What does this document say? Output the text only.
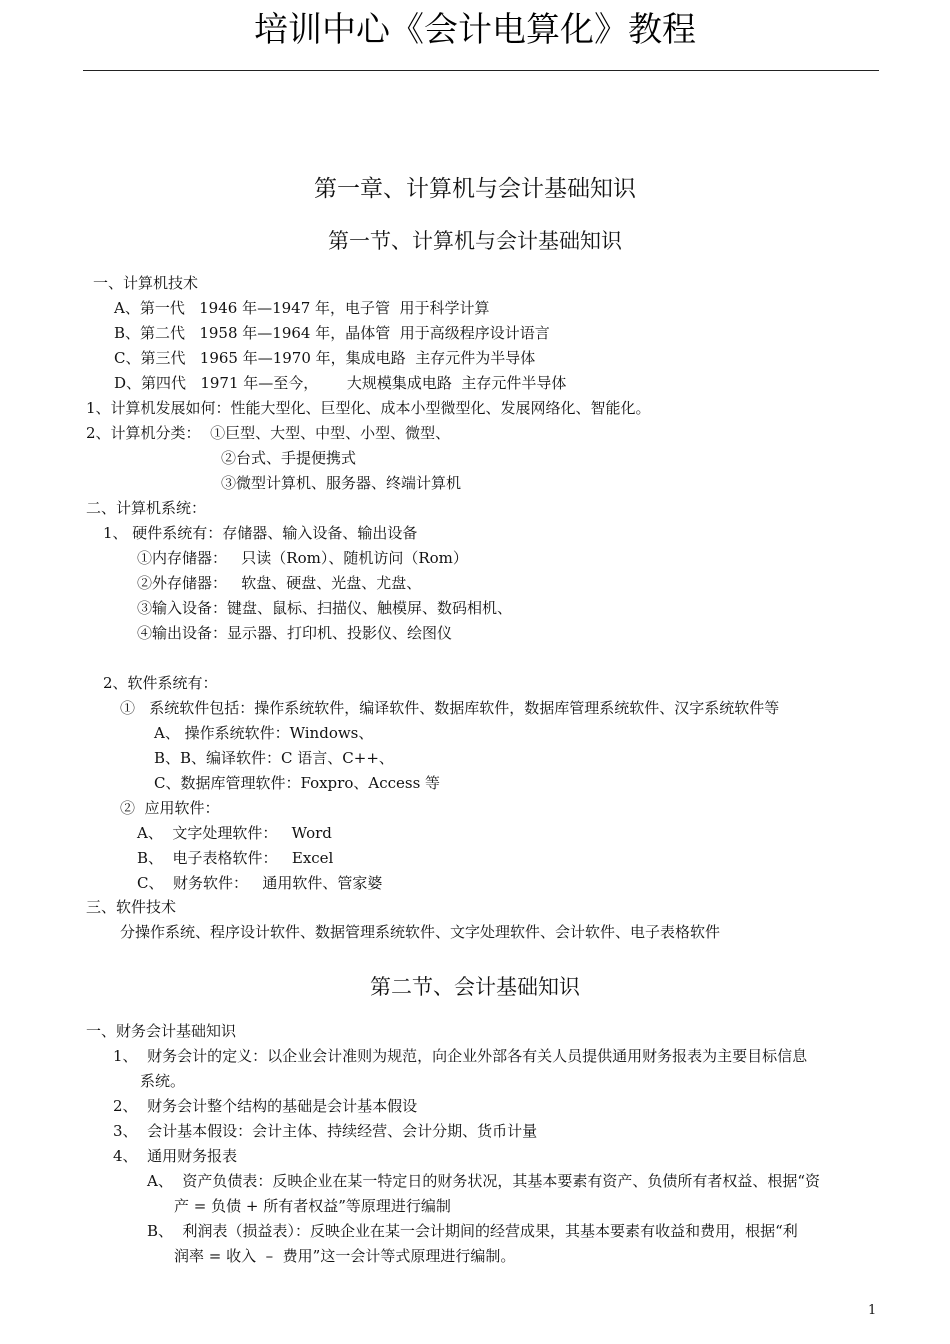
培训中心《会计电算化》教程
第一章、计算机与会计基础知识
第一节、计算机与会计基础知识
一、计算机技术
A、第一代   1946 年—1947 年，电子管  用于科学计算
B、第二代   1958 年—1964 年，晶体管  用于高级程序设计语言
C、第三代   1965 年—1970 年，集成电路  主存元件为半导体
D、第四代   1971 年—至今，      大规模集成电路  主存元件半导体
1、计算机发展如何：性能大型化、巨型化、成本小型微型化、发展网络化、智能化。
2、计算机分类：  ①巨型、大型、中型、小型、微型、
②台式、手提便携式
③微型计算机、服务器、终端计算机
二、计算机系统：
1、 硬件系统有：存储器、输入设备、输出设备
①内存储器：   只读（Rom）、随机访问（Rom）
②外存储器：   软盘、硬盘、光盘、尤盘、
③输入设备：键盘、鼠标、扫描仪、触模屏、数码相机、
④输出设备：显示器、打印机、投影仪、绘图仪
2、软件系统有：
①   系统软件包括：操作系统软件，编译软件、数据库软件，数据库管理系统软件、汉字系统软件等
A、 操作系统软件：Windows、
B、B、编译软件：C 语言、C++、
C、数据库管理软件：Foxpro、Access 等
②  应用软件：
A、  文字处理软件：   Word
B、  电子表格软件：   Excel
C、  财务软件：   通用软件、管家婆
三、软件技术
分操作系统、程序设计软件、数据管理系统软件、文字处理软件、会计软件、电子表格软件
第二节、会计基础知识
一、财务会计基础知识
1、  财务会计的定义：以企业会计准则为规范，向企业外部各有关人员提供通用财务报表为主要目标信息
系统。
2、  财务会计整个结构的基础是会计基本假设
3、  会计基本假设：会计主体、持续经营、会计分期、货币计量
4、  通用财务报表
A、  资产负债表：反映企业在某一特定日的财务状况，其基本要素有资产、负债所有者权益、根据“资
产 = 负债 + 所有者权益”等原理进行编制
B、  利润表（损益表）：反映企业在某一会计期间的经营成果，其基本要素有收益和费用，根据“利
润率 = 收入  –  费用”这一会计等式原理进行编制。
1
